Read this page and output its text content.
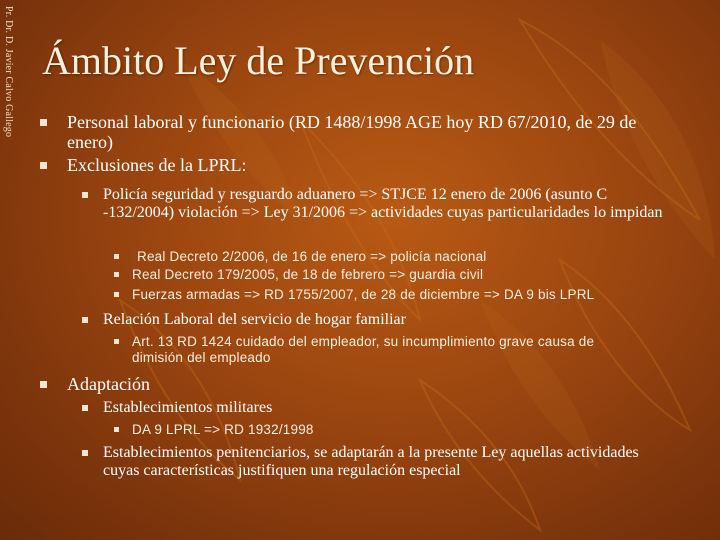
Pr. Dr. D. Javier Calvo Gallego Ámbito Ley de Prevención
Personal laboral y funcionario (RD 1488/1998 AGE hoy RD 67/2010, de 29 de enero)
Exclusiones de la LPRL:
Policía seguridad y resguardo aduanero => STJCE 12 enero de 2006 (asunto C -132/2004) violación => Ley 31/2006 => actividades cuyas particularidades lo impidan
Real Decreto 2/2006, de 16 de enero => policía nacional
Real Decreto 179/2005, de 18 de febrero => guardia civil
Fuerzas armadas => RD 1755/2007, de 28 de diciembre => DA 9 bis LPRL
Relación Laboral del servicio de hogar familiar
Art. 13 RD 1424 cuidado del empleador, su incumplimiento grave causa de dimisión del empleado
Adaptación
Establecimientos militares
DA 9 LPRL => RD 1932/1998
Establecimientos penitenciarios, se adaptarán a la presente Ley aquellas actividades cuyas características justifiquen una regulación especial
